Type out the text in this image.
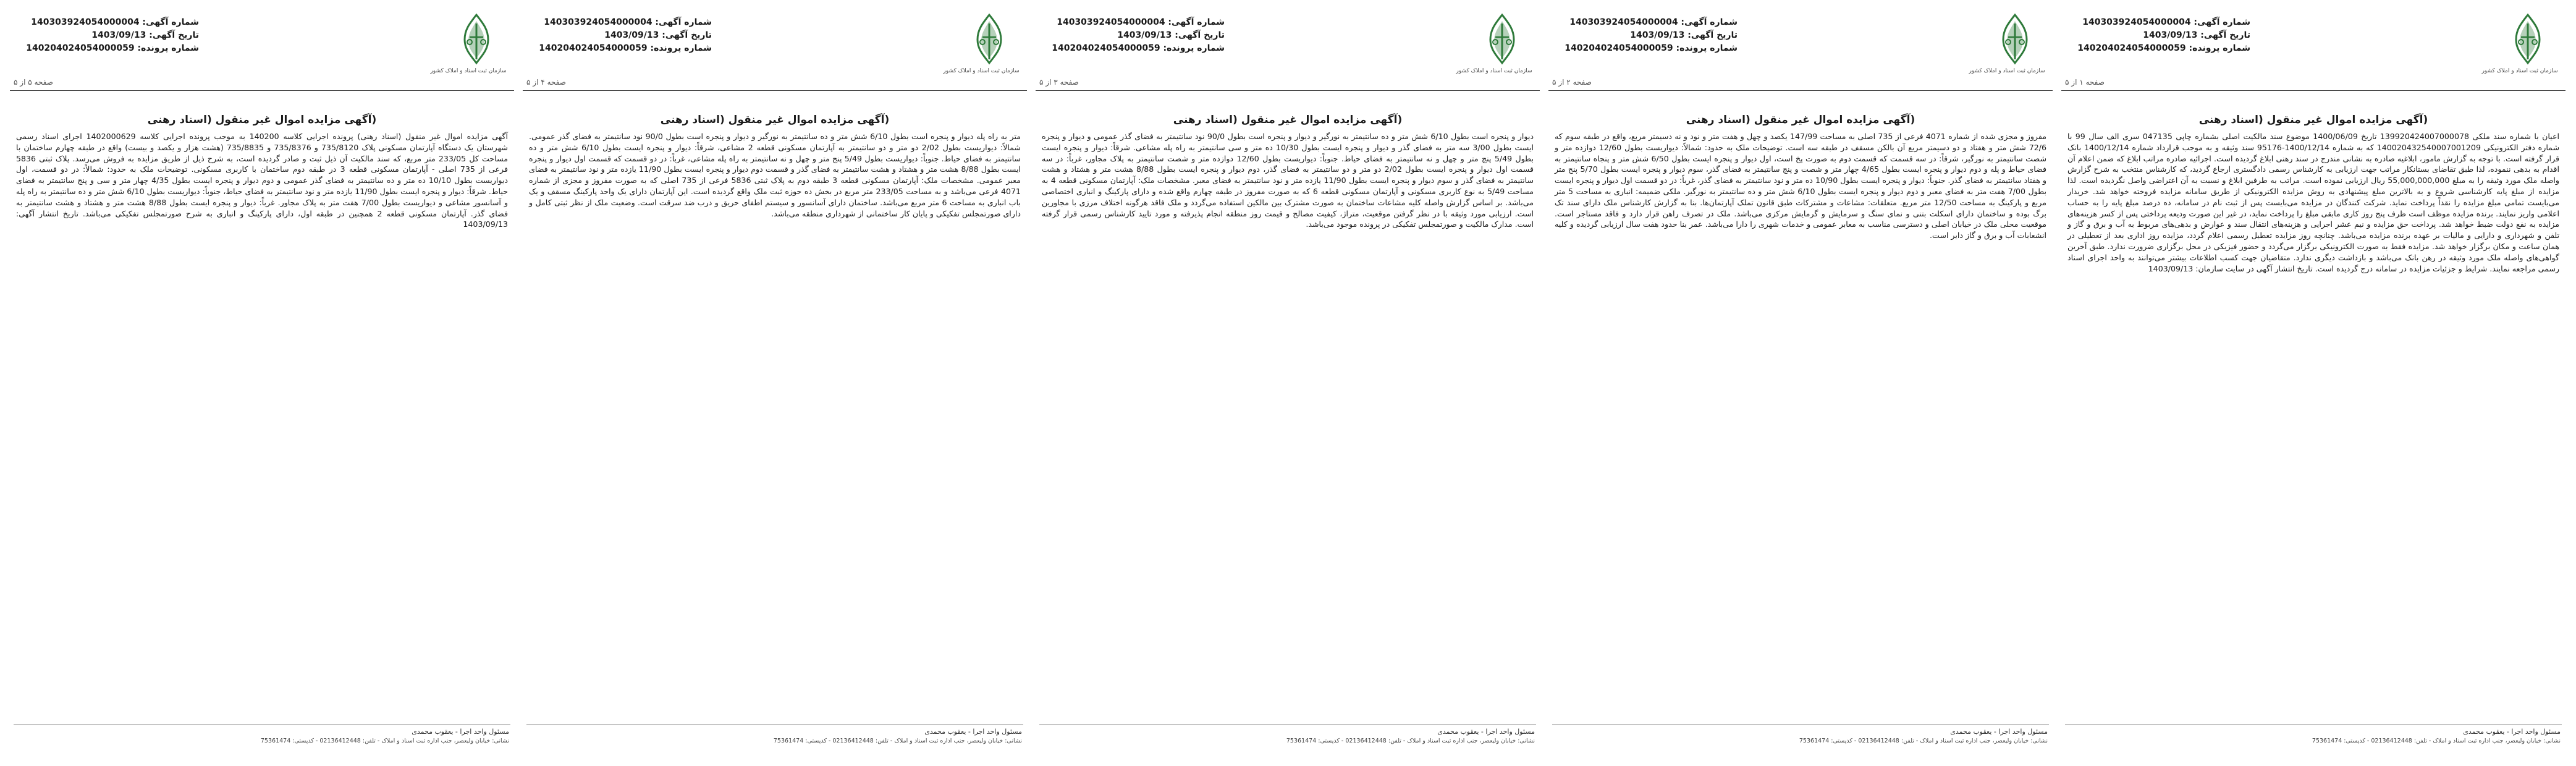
شماره آگهی: 140303924054000004
تاریخ آگهی: 1403/09/13
شماره پرونده: 140204024054000059
سازمان ثبت اسناد و املاک کشور
صفحه ۱ از ۵
(آگهی مزایده اموال غیر منقول (اسناد رهنی
اعیان با شماره سند ملکی 139920424007000078 تاریخ 1400/06/09 موضوع سند مالکیت اصلی بشماره چاپی 047135 سری الف سال 99 با شماره دفتر الکترونیکی 140020432540007001209 که به شماره 1400/12/14-95176 سند وثیقه و به موجب قرارداد شماره 1400/12/14 بانک قرار گرفته است. با توجه به گزارش مامور، ابلاغیه صادره به نشانی مندرج در سند رهنی ابلاغ گردیده است. اجرائیه صادره مراتب ابلاغ که ضمن اعلام آن اقدام به بدهی ننموده، لذا طبق تقاضای بستانکار مراتب جهت ارزیابی به کارشناس رسمی دادگستری ارجاع گردید، که کارشناس منتخب به شرح گزارش واصله ملک مورد وثیقه را به مبلغ 55,000,000,000 ریال ارزیابی نموده است. مراتب به طرفین ابلاغ و نسبت به آن اعتراضی واصل نگردیده است. لذا مزایده از مبلغ پایه کارشناسی شروع و به بالاترین مبلغ پیشنهادی به روش مزایده الکترونیکی از طریق سامانه مزایده فروخته خواهد شد. خریدار می‌بایست تمامی مبلغ مزایده را نقداً پرداخت نماید. شرکت کنندگان در مزایده می‌بایست پس از ثبت نام در سامانه، ده درصد مبلغ پایه را به حساب اعلامی واریز نمایند. برنده مزایده موظف است ظرف پنج روز کاری مابقی مبلغ را پرداخت نماید، در غیر این صورت ودیعه پرداختی پس از کسر هزینه‌های مزایده به نفع دولت ضبط خواهد شد. پرداخت حق مزایده و نیم عشر اجرایی و هزینه‌های انتقال سند و عوارض و بدهی‌های مربوط به آب و برق و گاز و تلفن و شهرداری و دارایی و مالیات بر عهده برنده مزایده می‌باشد. چنانچه روز مزایده تعطیل رسمی اعلام گردد، مزایده روز اداری بعد از تعطیلی در همان ساعت و مکان برگزار خواهد شد. مزایده فقط به صورت الکترونیکی برگزار می‌گردد و حضور فیزیکی در محل برگزاری ضرورت ندارد. طبق آخرین گواهی‌های واصله ملک مورد وثیقه در رهن بانک می‌باشد و بازداشت دیگری ندارد. متقاضیان جهت کسب اطلاعات بیشتر می‌توانند به واحد اجرای اسناد رسمی مراجعه نمایند. شرایط و جزئیات مزایده در سامانه درج گردیده است. تاریخ انتشار آگهی در سایت سازمان: 1403/09/13
مسئول واحد اجرا - یعقوب محمدی
نشانی: خیابان ولیعصر، جنب اداره ثبت اسناد و املاک - تلفن: 02136412448 - کدپستی: 75361474
شماره آگهی: 140303924054000004
تاریخ آگهی: 1403/09/13
شماره پرونده: 140204024054000059
سازمان ثبت اسناد و املاک کشور
صفحه ۲ از ۵
(آگهی مزایده اموال غیر منقول (اسناد رهنی
مفروز و مجزی شده از شماره 4071 فرعی از 735 اصلی به مساحت 147/99 یکصد و چهل و هفت متر و نود و نه دسیمتر مربع، واقع در طبقه سوم که 72/6 شش متر و هفتاد و دو دسیمتر مربع آن بالکن مسقف در طبقه سه است. توضیحات ملک به حدود: شمالاً: دیواریست بطول 12/60 دوازده متر و شصت سانتیمتر به نورگیر، شرقاً: در سه قسمت که قسمت دوم به صورت پخ است، اول دیوار و پنجره ایست بطول 6/50 شش متر و پنجاه سانتیمتر به فضای حیاط و پله و دوم دیوار و پنجره ایست بطول 4/65 چهار متر و شصت و پنج سانتیمتر به فضای گذر، سوم دیوار و پنجره ایست بطول 5/70 پنج متر و هفتاد سانتیمتر به فضای گذر. جنوباً: دیوار و پنجره ایست بطول 10/90 ده متر و نود سانتیمتر به فضای گذر، غرباً: در دو قسمت اول دیوار و پنجره ایست بطول 7/00 هفت متر به فضای معبر و دوم دیوار و پنجره ایست بطول 6/10 شش متر و ده سانتیمتر به نورگیر. ملکی ضمیمه: انباری به مساحت 5 متر مربع و پارکینگ به مساحت 12/50 متر مربع. متعلقات: مشاعات و مشترکات طبق قانون تملک آپارتمان‌ها. بنا به گزارش کارشناس ملک دارای سند تک برگ بوده و ساختمان دارای اسکلت بتنی و نمای سنگ و سرمایش و گرمایش مرکزی می‌باشد. ملک در تصرف راهن قرار دارد و فاقد مستاجر است. موقعیت محلی ملک در خیابان اصلی و دسترسی مناسب به معابر عمومی و خدمات شهری را دارا می‌باشد. عمر بنا حدود هفت سال ارزیابی گردیده و کلیه انشعابات آب و برق و گاز دایر است.
مسئول واحد اجرا - یعقوب محمدی
نشانی: خیابان ولیعصر، جنب اداره ثبت اسناد و املاک - تلفن: 02136412448 - کدپستی: 75361474
شماره آگهی: 140303924054000004
تاریخ آگهی: 1403/09/13
شماره پرونده: 140204024054000059
سازمان ثبت اسناد و املاک کشور
صفحه ۳ از ۵
(آگهی مزایده اموال غیر منقول (اسناد رهنی
دیوار و پنجره است بطول 6/10 شش متر و ده سانتیمتر به نورگیر و دیوار و پنجره است بطول 90/0 نود سانتیمتر به فضای گذر عمومی و دیوار و پنجره ایست بطول 3/00 سه متر به فضای گذر و دیوار و پنجره ایست بطول 10/30 ده متر و سی سانتیمتر به راه پله مشاعی. شرقاً: دیوار و پنجره ایست بطول 5/49 پنج متر و چهل و نه سانتیمتر به فضای حیاط. جنوباً: دیواریست بطول 12/60 دوازده متر و شصت سانتیمتر به پلاک مجاور، غرباً: در سه قسمت اول دیوار و پنجره ایست بطول 2/02 دو متر و دو سانتیمتر به فضای گذر، دوم دیوار و پنجره ایست بطول 8/88 هشت متر و هشتاد و هشت سانتیمتر به فضای گذر و سوم دیوار و پنجره ایست بطول 11/90 یازده متر و نود سانتیمتر به فضای معبر. مشخصات ملک: آپارتمان مسکونی قطعه 4 به مساحت 5/49 به نوع کاربری مسکونی و آپارتمان مسکونی قطعه 6 که به صورت مفروز در طبقه چهارم واقع شده و دارای پارکینگ و انباری اختصاصی می‌باشد. بر اساس گزارش واصله کلیه مشاعات ساختمان به صورت مشترک بین مالکین استفاده می‌گردد و ملک فاقد هرگونه اختلاف مرزی با مجاورین است. ارزیابی مورد وثیقه با در نظر گرفتن موقعیت، متراژ، کیفیت مصالح و قیمت روز منطقه انجام پذیرفته و مورد تایید کارشناس رسمی قرار گرفته است. مدارک مالکیت و صورتمجلس تفکیکی در پرونده موجود می‌باشد.
مسئول واحد اجرا - یعقوب محمدی
نشانی: خیابان ولیعصر، جنب اداره ثبت اسناد و املاک - تلفن: 02136412448 - کدپستی: 75361474
شماره آگهی: 140303924054000004
تاریخ آگهی: 1403/09/13
شماره پرونده: 140204024054000059
سازمان ثبت اسناد و املاک کشور
صفحه ۴ از ۵
(آگهی مزایده اموال غیر منقول (اسناد رهنی
متر به راه پله دیوار و پنجره است بطول 6/10 شش متر و ده سانتیمتر به نورگیر و دیوار و پنجره است بطول 90/0 نود سانتیمتر به فضای گذر عمومی. شمالاً: دیواریست بطول 2/02 دو متر و دو سانتیمتر به آپارتمان مسکونی قطعه 2 مشاعی، شرقاً: دیوار و پنجره ایست بطول 6/10 شش متر و ده سانتیمتر به فضای حیاط. جنوباً: دیواریست بطول 5/49 پنج متر و چهل و نه سانتیمتر به راه پله مشاعی، غرباً: در دو قسمت که قسمت اول دیوار و پنجره ایست بطول 8/88 هشت متر و هشتاد و هشت سانتیمتر به فضای گذر و قسمت دوم دیوار و پنجره ایست بطول 11/90 یازده متر و نود سانتیمتر به فضای معبر عمومی. مشخصات ملک: آپارتمان مسکونی قطعه 3 طبقه دوم به پلاک ثبتی 5836 فرعی از 735 اصلی که به صورت مفروز و مجزی از شماره 4071 فرعی می‌باشد و به مساحت 233/05 متر مربع در بخش ده حوزه ثبت ملک واقع گردیده است. این آپارتمان دارای یک واحد پارکینگ مسقف و یک باب انباری به مساحت 6 متر مربع می‌باشد. ساختمان دارای آسانسور و سیستم اطفای حریق و درب ضد سرقت است. وضعیت ملک از نظر ثبتی کامل و دارای صورتمجلس تفکیکی و پایان کار ساختمانی از شهرداری منطقه می‌باشد.
مسئول واحد اجرا - یعقوب محمدی
نشانی: خیابان ولیعصر، جنب اداره ثبت اسناد و املاک - تلفن: 02136412448 - کدپستی: 75361474
شماره آگهی: 140303924054000004
تاریخ آگهی: 1403/09/13
شماره پرونده: 140204024054000059
سازمان ثبت اسناد و املاک کشور
صفحه ۵ از ۵
(آگهی مزایده اموال غیر منقول (اسناد رهنی
آگهی مزایده اموال غیر منقول (اسناد رهنی) پرونده اجرایی کلاسه 140200 به موجب پرونده اجرایی کلاسه 1402000629 اجرای اسناد رسمی شهرستان یک دستگاه آپارتمان مسکونی پلاک 735/8120 و 735/8376 و 735/8835 (هشت هزار و یکصد و بیست) واقع در طبقه چهارم ساختمان با مساحت کل 233/05 متر مربع، که سند مالکیت آن ذیل ثبت و صادر گردیده است، به شرح ذیل از طریق مزایده به فروش می‌رسد. پلاک ثبتی 5836 فرعی از 735 اصلی - آپارتمان مسکونی قطعه 3 در طبقه دوم ساختمان با کاربری مسکونی. توضیحات ملک به حدود: شمالاً: در دو قسمت، اول دیواریست بطول 10/10 ده متر و ده سانتیمتر به فضای گذر عمومی و دوم دیوار و پنجره ایست بطول 4/35 چهار متر و سی و پنج سانتیمتر به فضای حیاط. شرقاً: دیوار و پنجره ایست بطول 11/90 یازده متر و نود سانتیمتر به فضای حیاط، جنوباً: دیواریست بطول 6/10 شش متر و ده سانتیمتر به راه پله و آسانسور مشاعی و دیواریست بطول 7/00 هفت متر به پلاک مجاور. غرباً: دیوار و پنجره ایست بطول 8/88 هشت متر و هشتاد و هشت سانتیمتر به فضای گذر. آپارتمان مسکونی قطعه 2 همچنین در طبقه اول، دارای پارکینگ و انباری به شرح صورتمجلس تفکیکی می‌باشد. تاریخ انتشار آگهی: 1403/09/13
مسئول واحد اجرا - یعقوب محمدی
نشانی: خیابان ولیعصر، جنب اداره ثبت اسناد و املاک - تلفن: 02136412448 - کدپستی: 75361474
